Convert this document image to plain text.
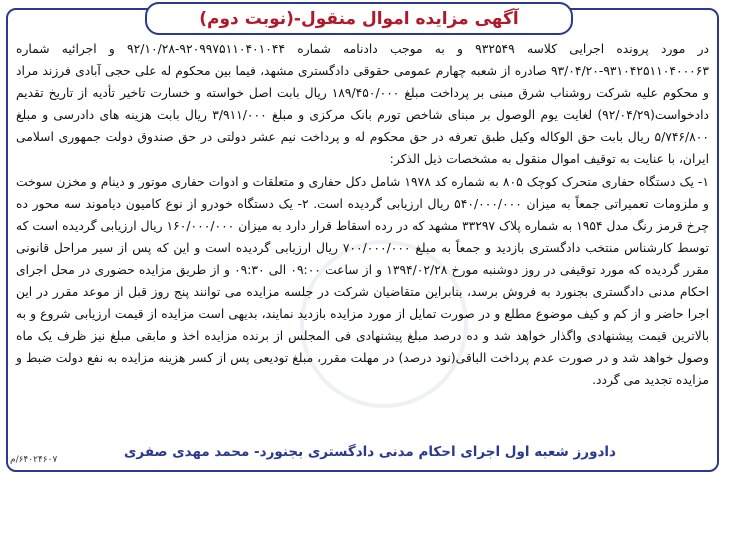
آگهی مزایده اموال منقول-(نوبت دوم)

در مورد پرونده اجرایی کلاسه ۹۳۲۵۴۹ و به موجب دادنامه شماره ۹۲۰۹۹۷۵۱۱۰۴۰۱۰۴۴-۹۲/۱۰/۲۸ و اجرائیه شماره ۹۳۱۰۴۲۵۱۱۰۴۰۰۰۶۳-۹۳/۰۴/۲۰ صادره از شعبه چهارم عمومی حقوقی دادگستری مشهد، فیما بین محکوم له علی حجی آبادی فرزند مراد و محکوم علیه شرکت روشناب شرق مبنی بر پرداخت مبلغ ۱۸۹/۴۵۰/۰۰۰ ریال بابت اصل خواسته و خسارت تاخیر تأدیه از تاریخ تقدیم دادخواست(۹۲/۰۴/۲۹) لغایت یوم الوصول بر مبنای شاخص تورم بانک مرکزی و مبلغ ۳/۹۱۱/۰۰۰ ریال بابت هزینه های دادرسی و مبلغ ۵/۷۴۶/۸۰۰ ریال بابت حق الوکاله وکیل طبق تعرفه در حق محکوم له و پرداخت نیم عشر دولتی در حق صندوق دولت جمهوری اسلامی ایران، با عنایت به توقیف اموال منقول به مشخصات ذیل الذکر:

۱- یک دستگاه حفاری متحرک کوچک ۸۰۵ به شماره کد ۱۹۷۸ شامل دکل حفاری و متعلقات و ادوات حفاری موتور و دینام و مخزن سوخت و ملزومات تعمیراتی جمعاً به میزان ۵۴۰/۰۰۰/۰۰۰ ریال ارزیابی گردیده است. ۲- یک دستگاه خودرو از نوع کامیون دیاموند سه محور ده چرخ قرمز رنگ مدل ۱۹۵۴ به شماره پلاک ۳۳۲۹۷ مشهد که در رده اسقاط قرار دارد به میزان ۱۶۰/۰۰۰/۰۰۰ ریال ارزیابی گردیده است که توسط کارشناس منتخب دادگستری بازدید و جمعاً به مبلغ ۷۰۰/۰۰۰/۰۰۰ ریال ارزیابی گردیده است و این که پس از سیر مراحل قانونی مقرر گردیده که مورد توقیفی در روز دوشنبه مورخ ۱۳۹۴/۰۲/۲۸ و از ساعت ۰۹:۰۰ الی ۰۹:۳۰ و از طریق مزایده حضوری در محل اجرای احکام مدنی دادگستری بجنورد به فروش برسد، بنابراین متقاضیان شرکت در جلسه مزایده می توانند پنج روز قبل از موعد مقرر در این اجرا حاضر و از کم و کیف موضوع مطلع و در صورت تمایل از مورد مزایده بازدید نمایند، بدیهی است مزایده از قیمت ارزیابی شروع و به بالاترین قیمت پیشنهادی واگذار خواهد شد و ده درصد مبلغ پیشنهادی فی المجلس از برنده مزایده اخذ و مابقی مبلغ نیز ظرف یک ماه وصول خواهد شد و در صورت عدم پرداخت الباقی(نود درصد) در مهلت مقرر، مبلغ تودیعی پس از کسر هزینه مزایده به نفع دولت ضبط و مزایده تجدید می گردد.

دادورز شعبه اول اجرای احکام مدنی دادگستری بجنورد- محمد مهدی صفری
۶۴۰۲۴۶۰۷/م
